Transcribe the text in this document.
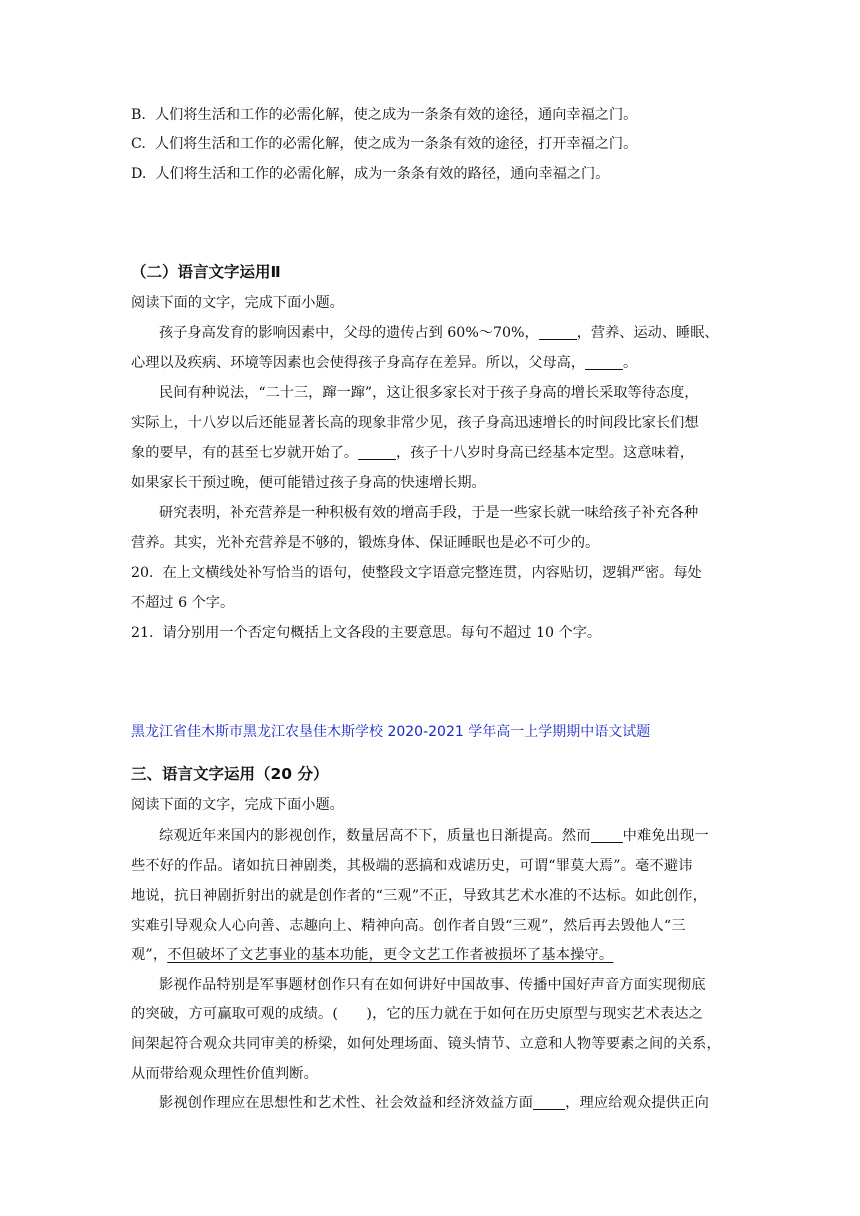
B.  人们将生活和工作的必需化解，使之成为一条条有效的途径，通向幸福之门。
C.  人们将生活和工作的必需化解，使之成为一条条有效的途径，打开幸福之门。
D.  人们将生活和工作的必需化解，成为一条条有效的路径，通向幸福之门。
（二）语言文字运用Ⅱ
阅读下面的文字，完成下面小题。
孩子身高发育的影响因素中，父母的遗传占到 60%～70%，	，营养、运动、睡眠、
心理以及疾病、环境等因素也会使得孩子身高存在差异。所以，父母高，	。
民间有种说法，“二十三，蹿一蹿”，这让很多家长对于孩子身高的增长采取等待态度，
实际上，十八岁以后还能显著长高的现象非常少见，孩子身高迅速增长的时间段比家长们想
象的要早，有的甚至七岁就开始了。	，孩子十八岁时身高已经基本定型。这意味着，
如果家长干预过晚，便可能错过孩子身高的快速增长期。
研究表明，补充营养是一种积极有效的增高手段，于是一些家长就一味给孩子补充各种
营养。其实，光补充营养是不够的，锻炼身体、保证睡眠也是必不可少的。
20.  在上文横线处补写恰当的语句，使整段文字语意完整连贯，内容贴切，逻辑严密。每处
不超过 6 个字。
21.  请分别用一个否定句概括上文各段的主要意思。每句不超过 10 个字。
黑龙江省佳木斯市黑龙江农垦佳木斯学校 2020-2021 学年高一上学期期中语文试题
三、语言文字运用（20 分）
阅读下面的文字，完成下面小题。
综观近年来国内的影视创作，数量居高不下，质量也日渐提高。然而 中难免出现一
些不好的作品。诸如抗日神剧类，其极端的恶搞和戏谑历史，可谓“罪莫大焉”。毫不避讳
地说，抗日神剧折射出的就是创作者的“三观”不正，导致其艺术水准的不达标。如此创作，
实难引导观众人心向善、志趣向上、精神向高。创作者自毁“三观”，然后再去毁他人“三
观”，不但破坏了文艺事业的基本功能，更令文艺工作者被损坏了基本操守。
影视作品特别是军事题材创作只有在如何讲好中国故事、传播中国好声音方面实现彻底
的突破，方可赢取可观的成绩。(      )，它的压力就在于如何在历史原型与现实艺术表达之
间架起符合观众共同审美的桥梁，如何处理场面、镜头情节、立意和人物等要素之间的关系，
从而带给观众理性价值判断。
影视创作理应在思想性和艺术性、社会效益和经济效益方面 ，理应给观众提供正向
